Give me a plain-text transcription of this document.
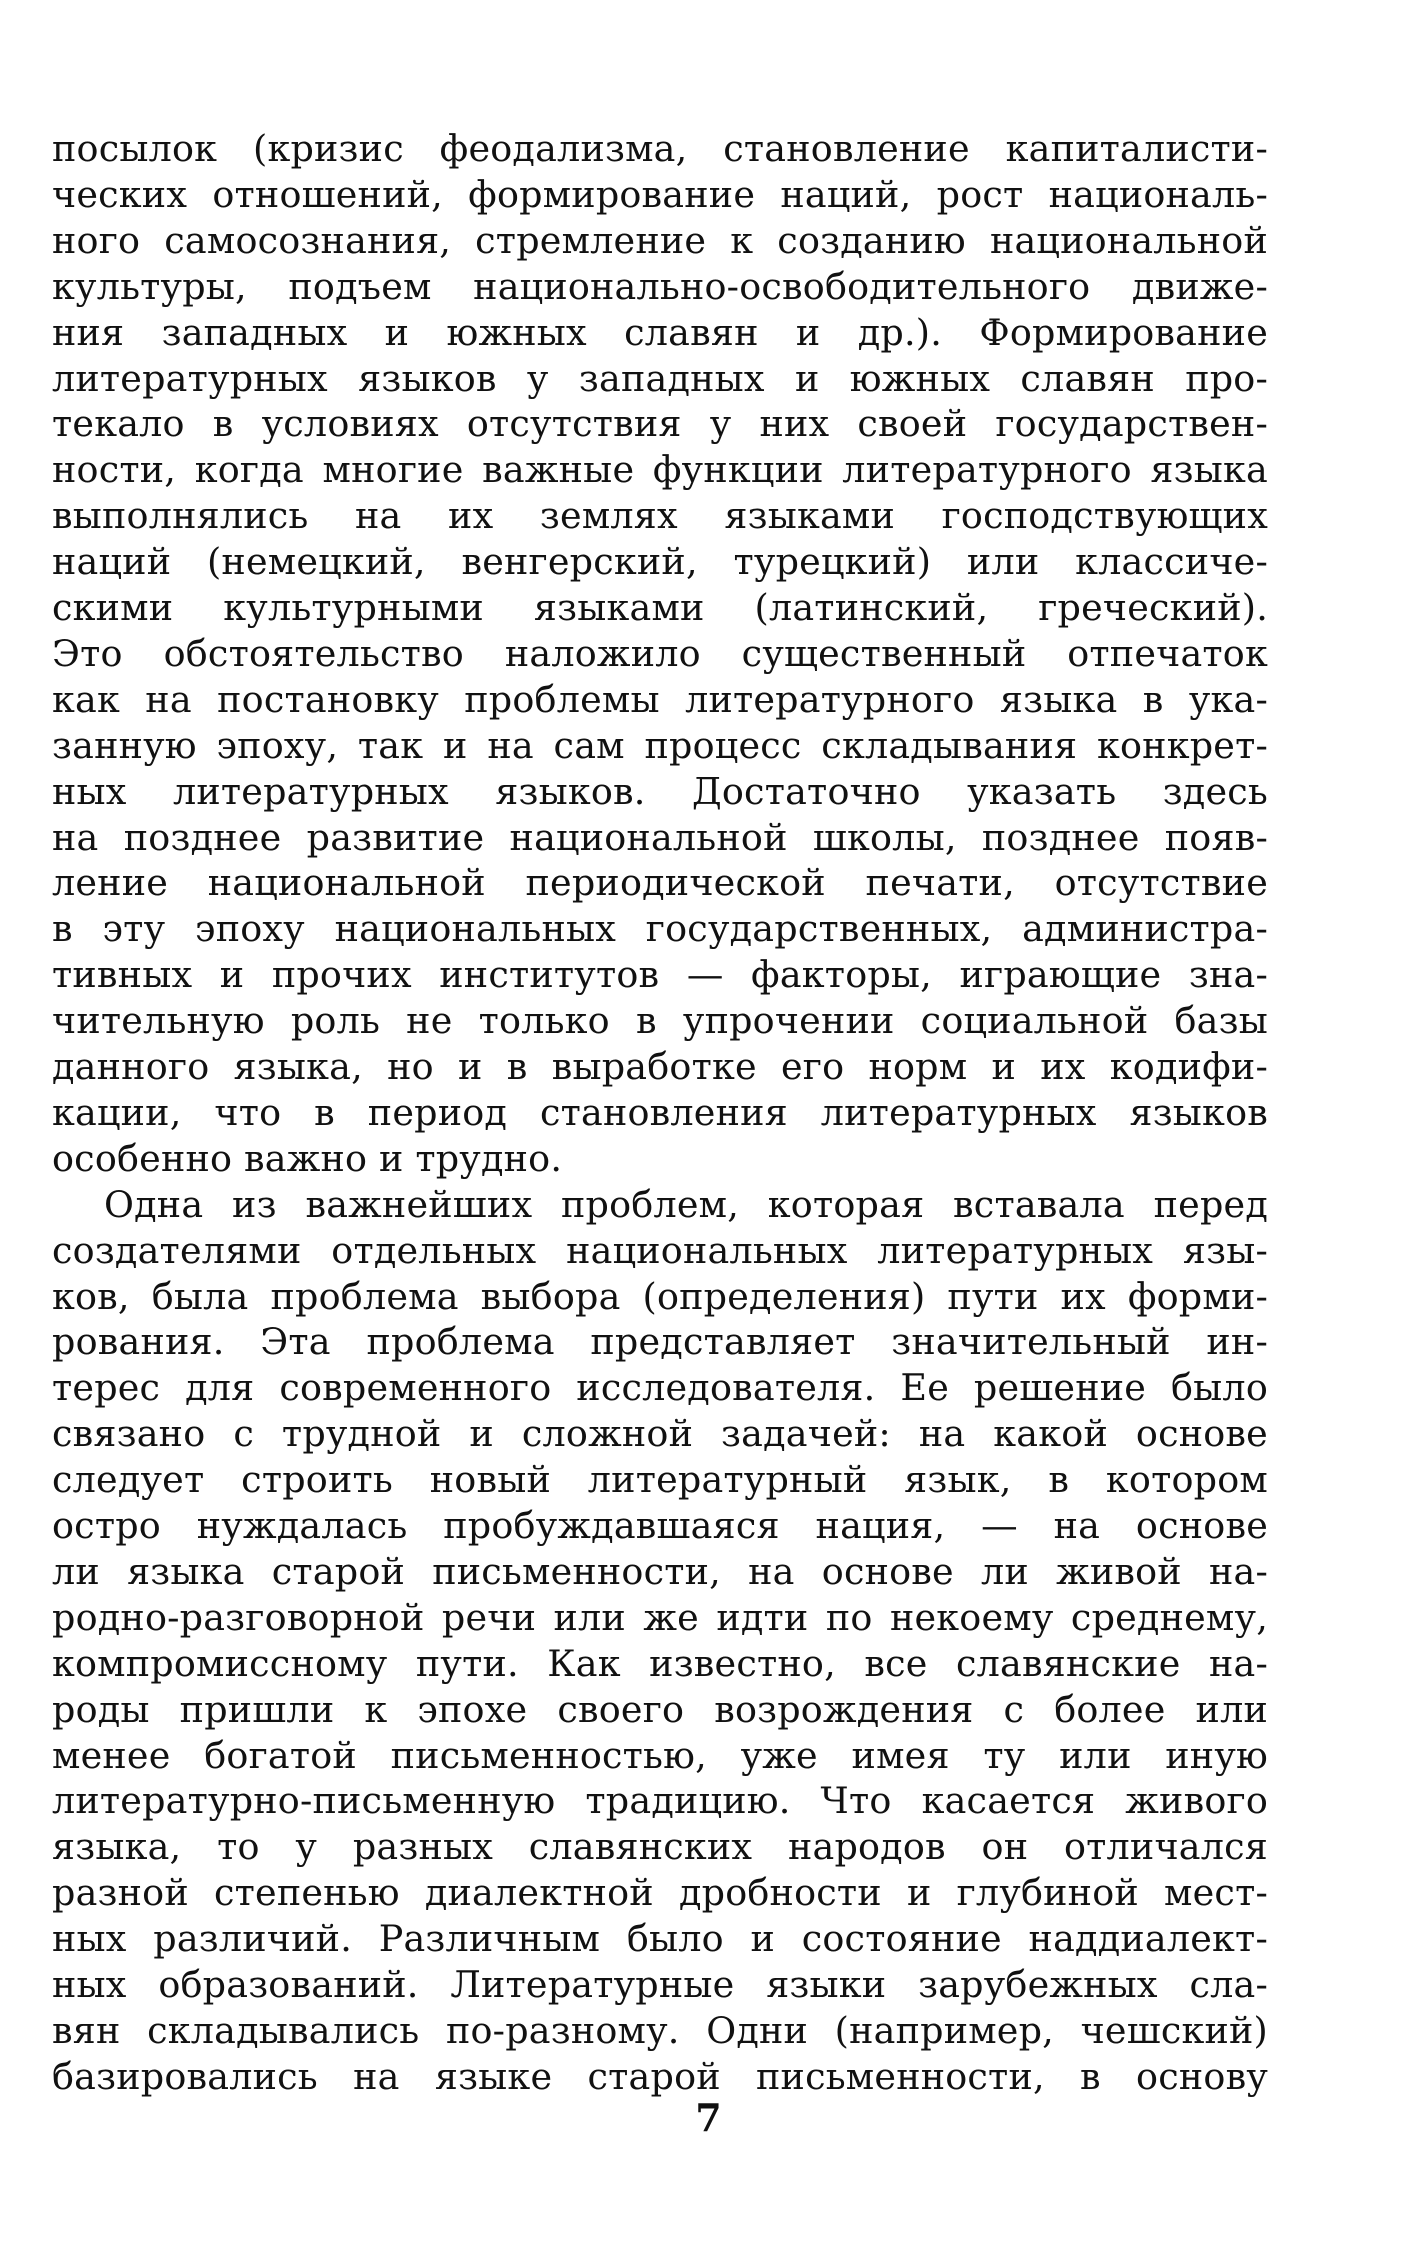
посылок (кризис феодализма, становление капиталисти-
ческих отношений, формирование наций, рост националь-
ного самосознания, стремление к созданию национальной
культуры, подъем национально-освободительного движе-
ния западных и южных славян и др.). Формирование
литературных языков у западных и южных славян про-
текало в условиях отсутствия у них своей государствен-
ности, когда многие важные функции литературного языка
выполнялись на их землях языками господствующих
наций (немецкий, венгерский, турецкий) или классиче-
скими культурными языками (латинский, греческий).
Это обстоятельство наложило существенный отпечаток
как на постановку проблемы литературного языка в ука-
занную эпоху, так и на сам процесс складывания конкрет-
ных литературных языков. Достаточно указать здесь
на позднее развитие национальной школы, позднее появ-
ление национальной периодической печати, отсутствие
в эту эпоху национальных государственных, администра-
тивных и прочих институтов — факторы, играющие зна-
чительную роль не только в упрочении социальной базы
данного языка, но и в выработке его норм и их кодифи-
кации, что в период становления литературных языков
особенно важно и трудно.
Одна из важнейших проблем, которая вставала перед
создателями отдельных национальных литературных язы-
ков, была проблема выбора (определения) пути их форми-
рования. Эта проблема представляет значительный ин-
терес для современного исследователя. Ее решение было
связано с трудной и сложной задачей: на какой основе
следует строить новый литературный язык, в котором
остро нуждалась пробуждавшаяся нация, — на основе
ли языка старой письменности, на основе ли живой на-
родно-разговорной речи или же идти по некоему среднему,
компромиссному пути. Как известно, все славянские на-
роды пришли к эпохе своего возрождения с более или
менее богатой письменностью, уже имея ту или иную
литературно-письменную традицию. Что касается живого
языка, то у разных славянских народов он отличался
разной степенью диалектной дробности и глубиной мест-
ных различий. Различным было и состояние наддиалект-
ных образований. Литературные языки зарубежных сла-
вян складывались по-разному. Одни (например, чешский)
базировались на языке старой письменности, в основу
7
